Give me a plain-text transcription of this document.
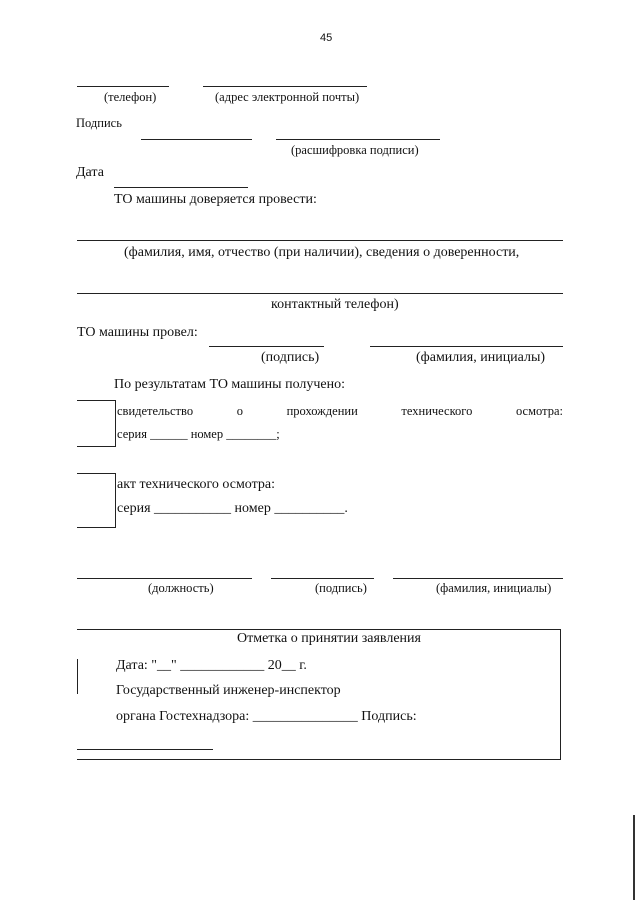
45
(телефон)	(адрес электронной почты)
Подпись
(расшифровка подписи)
Дата
ТО машины доверяется провести:
(фамилия, имя, отчество (при наличии), сведения о доверенности,
контактный телефон)
ТО машины провел:
(подпись)	(фамилия, инициалы)
По результатам ТО машины получено:
свидетельство	о	прохождении	технического	осмотра:
серия ______ номер ________;
акт технического осмотра:
серия ___________ номер __________.
(должность)	(подпись)	(фамилия, инициалы)
Отметка о принятии заявления
Дата: "__" ____________ 20__ г.
Государственный инженер-инспектор
органа Гостехнадзора: _______________ Подпись:
